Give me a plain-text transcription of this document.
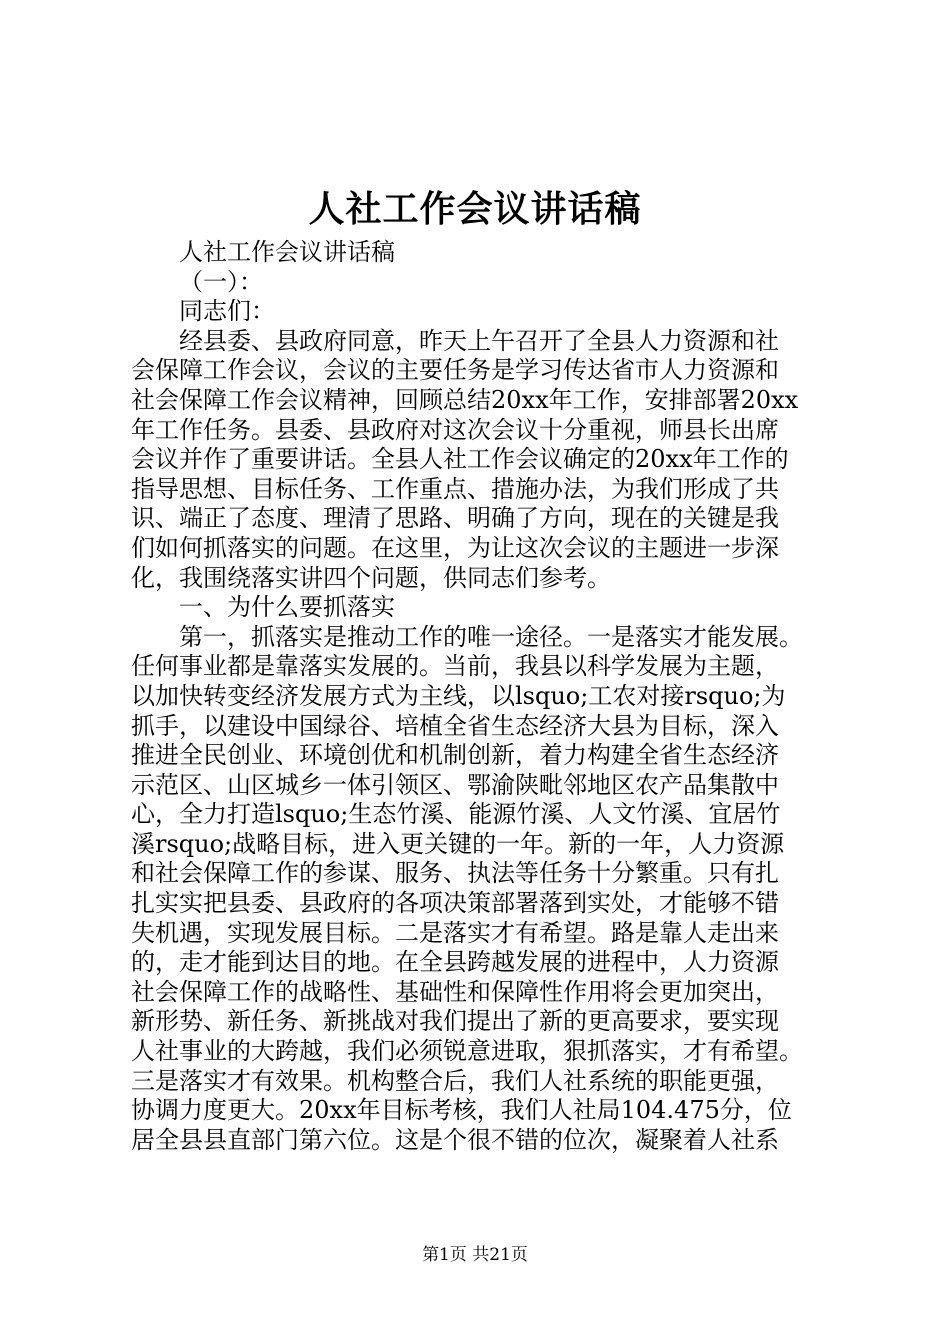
人社工作会议讲话稿
人社工作会议讲话稿
（一）：
同志们：
经县委、县政府同意，昨天上午召开了全县人力资源和社
会保障工作会议，会议的主要任务是学习传达省市人力资源和
社会保障工作会议精神，回顾总结20xx年工作，安排部署20xx
年工作任务。县委、县政府对这次会议十分重视，师县长出席
会议并作了重要讲话。全县人社工作会议确定的20xx年工作的
指导思想、目标任务、工作重点、措施办法，为我们形成了共
识、端正了态度、理清了思路、明确了方向，现在的关键是我
们如何抓落实的问题。在这里，为让这次会议的主题进一步深
化，我围绕落实讲四个问题，供同志们参考。
一、为什么要抓落实
第一，抓落实是推动工作的唯一途径。一是落实才能发展。
任何事业都是靠落实发展的。当前，我县以科学发展为主题，
以加快转变经济发展方式为主线，以lsquo;工农对接rsquo;为
抓手，以建设中国绿谷、培植全省生态经济大县为目标，深入
推进全民创业、环境创优和机制创新，着力构建全省生态经济
示范区、山区城乡一体引领区、鄂渝陕毗邻地区农产品集散中
心，全力打造lsquo;生态竹溪、能源竹溪、人文竹溪、宜居竹
溪rsquo;战略目标，进入更关键的一年。新的一年，人力资源
和社会保障工作的参谋、服务、执法等任务十分繁重。只有扎
扎实实把县委、县政府的各项决策部署落到实处，才能够不错
失机遇，实现发展目标。二是落实才有希望。路是靠人走出来
的，走才能到达目的地。在全县跨越发展的进程中，人力资源
社会保障工作的战略性、基础性和保障性作用将会更加突出，
新形势、新任务、新挑战对我们提出了新的更高要求，要实现
人社事业的大跨越，我们必须锐意进取，狠抓落实，才有希望。
三是落实才有效果。机构整合后，我们人社系统的职能更强，
协调力度更大。20xx年目标考核，我们人社局104.475分，位
居全县县直部门第六位。这是个很不错的位次，凝聚着人社系
第1页 共21页
